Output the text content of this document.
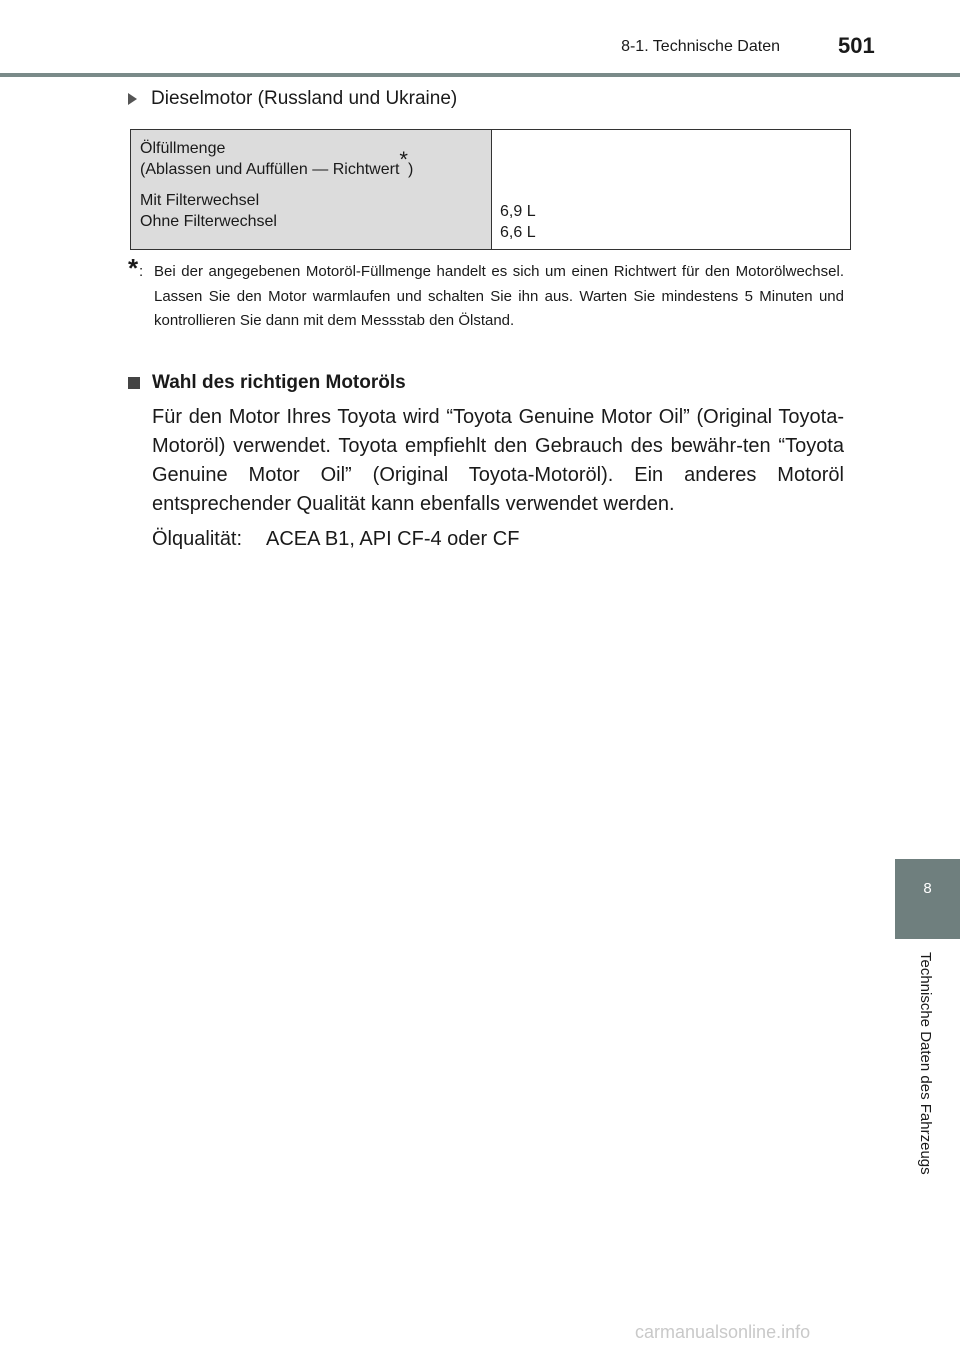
8-1. Technische Daten	501
Dieselmotor (Russland und Ukraine)
Ölfüllmenge
(Ablassen und Auffüllen — Richtwert*)
Mit Filterwechsel
Ohne Filterwechsel
6,9 L
6,6 L
* : Bei der angegebenen Motoröl-Füllmenge handelt es sich um einen Richtwert für den Motorölwechsel. Lassen Sie den Motor warmlaufen und schalten Sie ihn aus. Warten Sie mindestens 5 Minuten und kontrollieren Sie dann mit dem Messstab den Ölstand.
Wahl des richtigen Motoröls
Für den Motor Ihres Toyota wird “Toyota Genuine Motor Oil” (Original Toyota-Motoröl) verwendet. Toyota empfiehlt den Gebrauch des bewähr-ten “Toyota Genuine Motor Oil” (Original Toyota-Motoröl). Ein anderes Motoröl entsprechender Qualität kann ebenfalls verwendet werden.
Ölqualität: ACEA B1, API CF-4 oder CF
8
Technische Daten des Fahrzeugs
carmanualsonline.info
